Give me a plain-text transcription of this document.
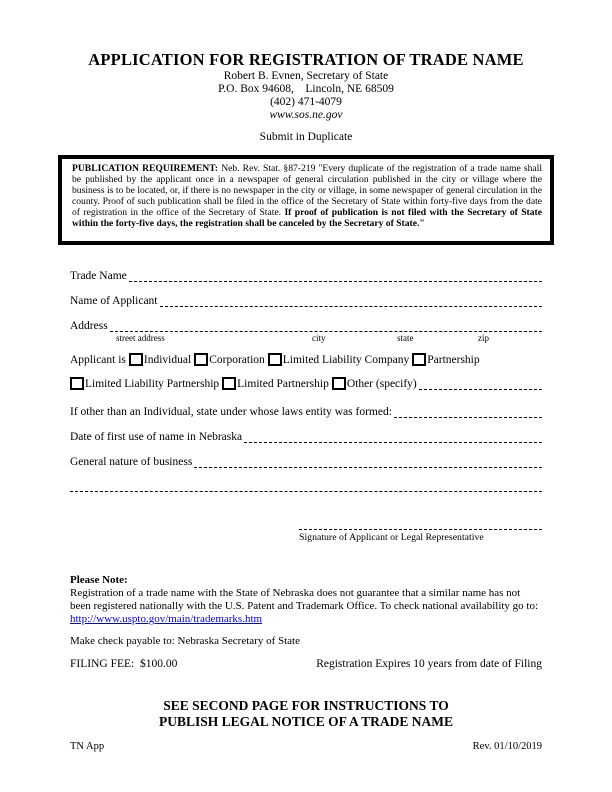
APPLICATION FOR REGISTRATION OF TRADE NAME
Robert B. Evnen, Secretary of State
P.O. Box 94608,    Lincoln, NE 68509
(402) 471-4079
www.sos.ne.gov
Submit in Duplicate

PUBLICATION REQUIREMENT: Neb. Rev. Stat. §87-219 "Every duplicate of the registration of a trade name shall be published by the applicant once in a newspaper of general circulation published in the city or village where the business is to be located, or, if there is no newspaper in the city or village, in some newspaper of general circulation in the county. Proof of such publication shall be filed in the office of the Secretary of State within forty-five days from the date of registration in the office of the Secretary of State. If proof of publication is not filed with the Secretary of State within the forty-five days, the registration shall be canceled by the Secretary of State."

Trade Name
Name of Applicant
Address
street address	city	state	zip
Applicant is Individual Corporation Limited Liability Company Partnership
Limited Liability Partnership Limited Partnership Other (specify)
If other than an Individual, state under whose laws entity was formed:
Date of first use of name in Nebraska
General nature of business
Signature of Applicant or Legal Representative
Please Note:
Registration of a trade name with the State of Nebraska does not guarantee that a similar name has not been registered nationally with the U.S. Patent and Trademark Office. To check national availability go to: http://www.uspto.gov/main/trademarks.htm
Make check payable to: Nebraska Secretary of State
FILING FEE:  $100.00	Registration Expires 10 years from date of Filing
SEE SECOND PAGE FOR INSTRUCTIONS TO
PUBLISH LEGAL NOTICE OF A TRADE NAME
TN App	Rev. 01/10/2019
